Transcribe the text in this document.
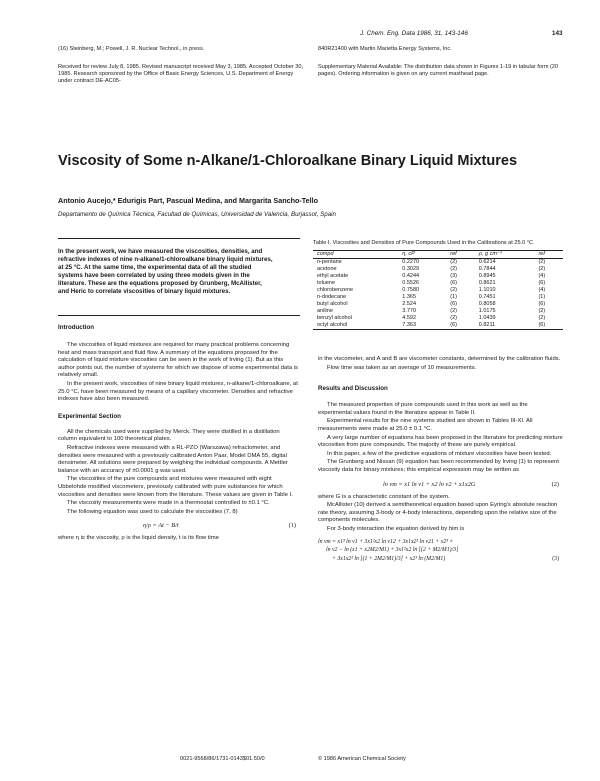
J. Chem. Eng. Data 1986, 31, 143-146	143
(16) Steinberg, M.; Powell, J. R. Nuclear Technol., in press.
Received for review July 8, 1985. Revised manuscript received May 3, 1985. Accepted October 30, 1985. Research sponsored by the Office of Basic Energy Sciences, U.S. Department of Energy under contract DE-AC05-
840R21400 with Martin Marietta Energy Systems, Inc.
Supplementary Material Available: The distribution data shown in Figures 1-19 in tabular form (20 pages). Ordering information is given on any current masthead page.
Viscosity of Some n-Alkane/1-Chloroalkane Binary Liquid Mixtures
Antonio Aucejo,* Edurigis Part, Pascual Medina, and Margarita Sancho-Tello
Departamento de Química Técnica, Facultad de Químicas, Universidad de Valencia, Burjassot, Spain
In the present work, we have measured the viscosities, densities, and refractive indexes of nine n-alkane/1-chloroalkane binary liquid mixtures, at 25 °C. At the same time, the experimental data of all the studied systems have been correlated by using three models given in the literature. These are the equations proposed by Grunberg, McAllister, and Heric to correlate viscosities of binary liquid mixtures.
Introduction

The viscosities of liquid mixtures are required for many practical problems concerning heat and mass transport and fluid flow. A summary of the equations proposed for the calculation of liquid mixture viscosities can be seen in the work of Irving (1). But as this author points out, the number of systems for which we dispose of some experimental data is relatively small.

In the present work, viscosities of nine binary liquid mixtures, n-alkane/1-chloroalkane, at 25.0 °C, have been measured by means of a capillary viscometer. Densities and refractive indexes have also been measured.

Experimental Section

All the chemicals used were supplied by Merck. They were distilled in a distillation column equivalent to 100 theoretical plates.

Refractive indexes were measured with a RL-PZO (Warszawa) refractometer, and densities were measured with a previously calibrated Anton Paar, Model DMA 55, digital densimeter. All solutions were prepared by weighing the individual compounds. A Mettler balance with an accuracy of ±0.0001 g was used.

The viscosities of the pure compounds and mixtures were measured with eight Ubbelohde modified viscometers, previously calibrated with pure substances for which viscosities and densities were known from the literature. These values are given in Table I.

The viscosity measurements were made in a thermostat controlled to ±0.1 °C.

The following equation was used to calculate the viscosities (7, 8)

η/ρ = At − B/t	(1)

where η is the viscosity, ρ is the liquid density, t is its flow time

Table I. Viscosities and Densities of Pure Compounds Used in the Calibrations at 25.0 °C
compd	η, cP	ref	ρ, g cm⁻³	ref
n-pentane	0.2270	(2)	0.6214	(2)
acetone	0.3029	(2)	0.7844	(2)
ethyl acetate	0.4244	(3)	0.8945	(4)
toluene	0.5526	(6)	0.8621	(6)
chlorobenzene	0.7580	(2)	1.1010	(4)
n-dodecane	1.365	(1)	0.7451	(1)
butyl alcohol	2.524	(6)	0.8058	(6)
aniline	3.770	(2)	1.0175	(2)
benzyl alcohol	4.592	(2)	1.0439	(2)
octyl alcohol	7.363	(6)	0.8211	(6)

in the viscometer, and A and B are viscometer constants, determined by the calibration fluids.

Flow time was taken as an average of 10 measurements.

Results and Discussion

The measured properties of pure compounds used in this work as well as the experimental values found in the literature appear in Table II.

Experimental results for the nine systems studied are shown in Tables III-XI. All measurements were made at 25.0 ± 0.1 °C.

A very large number of equations has been proposed in the literature for predicting mixture viscosities from pure compounds. The majority of these are purely empirical.

In this paper, a few of the predictive equations of mixture viscosities have been tested.

The Grunberg and Nissan (9) equation has been recommended by Irving (1) to represent viscosity data for binary mixtures; this empirical expression may be written as

ln νm = x1 ln ν1 + x2 ln ν2 + x1x2G	(2)

where G is a characteristic constant of the system.

McAllister (10) derived a semitheoretical equation based upon Eyring's absolute reaction rate theory, assuming 3-body or 4-body interactions, depending upon the relative size of the components molecules.

For 3-body interaction the equation derived by him is

ln νm = x1³ ln ν1 + 3x1²x2 ln ν12 + 3x1x2² ln ν21 + x2³ ×
ln ν2 − ln (x1 + x2M2/M1) + 3x1²x2 ln [(2 + M2/M1)/3]
+ 3x1x2² ln [(1 + 2M2/M1)/3] + x2³ ln (M2/M1)	(3)
0021-9568/86/1731-0143$01.50/0	© 1986 American Chemical Society
